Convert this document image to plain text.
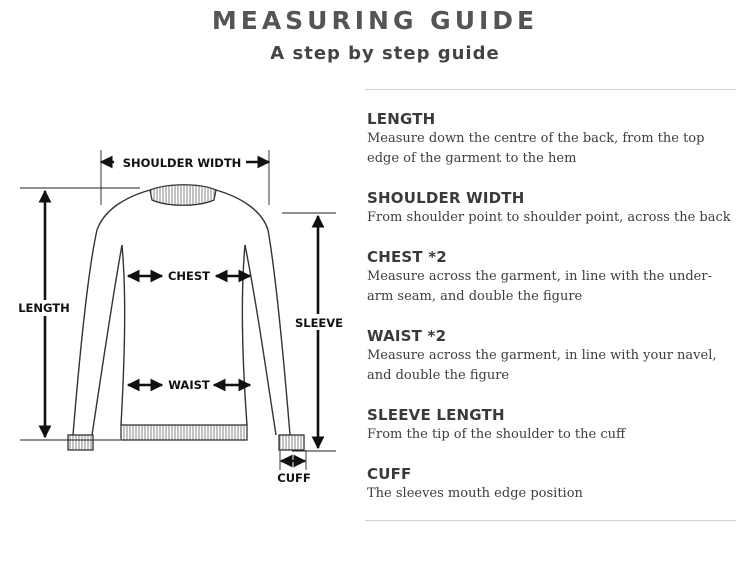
MEASURING GUIDE
A step by step guide
SHOULDER WIDTH
LENGTH
SLEEVE
CHEST
WAIST
CUFF
LENGTH

Measure down the centre of the back, from the top edge of the garment to the hem

SHOULDER WIDTH

From shoulder point to shoulder point, across the back

CHEST *2

Measure across the garment, in line with the under-arm seam, and double the figure

WAIST *2

Measure across the garment, in line with your navel, and double the figure

SLEEVE LENGTH

From the tip of the shoulder to the cuff

CUFF

The sleeves mouth edge position
